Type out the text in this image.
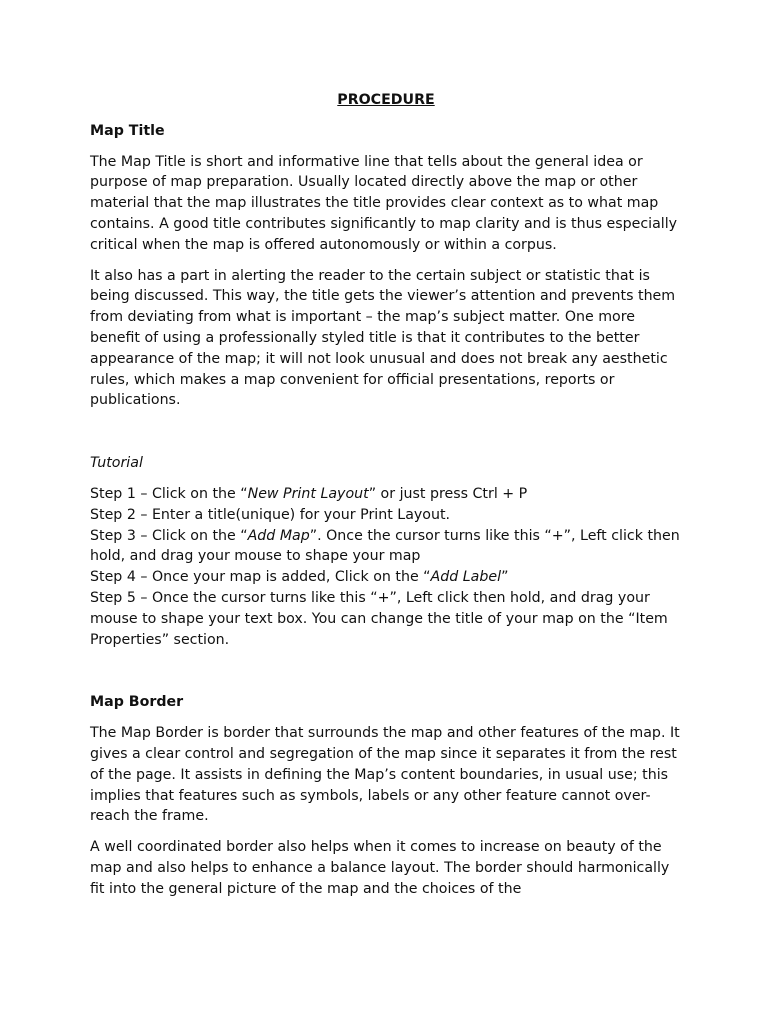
PROCEDURE
Map Title

The Map Title is short and informative line that tells about the general idea or purpose of map preparation. Usually located directly above the map or other material that the map illustrates the title provides clear context as to what map contains. A good title contributes significantly to map clarity and is thus especially critical when the map is offered autonomously or within a corpus.

It also has a part in alerting the reader to the certain subject or statistic that is being discussed. This way, the title gets the viewer’s attention and prevents them from deviating from what is important – the map’s subject matter. One more benefit of using a professionally styled title is that it contributes to the better appearance of the map; it will not look unusual and does not break any aesthetic rules, which makes a map convenient for official presentations, reports or publications.

Tutorial
Step 1 – Click on the “New Print Layout” or just press Ctrl + P
Step 2 – Enter a title(unique) for your Print Layout.
Step 3 – Click on the “Add Map”. Once the cursor turns like this “+”, Left click then hold, and drag your mouse to shape your map
Step 4 – Once your map is added, Click on the “Add Label”
Step 5 – Once the cursor turns like this “+”, Left click then hold, and drag your mouse to shape your text box. You can change the title of your map on the “Item Properties” section.
Map Border

The Map Border is border that surrounds the map and other features of the map. It gives a clear control and segregation of the map since it separates it from the rest of the page. It assists in defining the Map’s content boundaries, in usual use; this implies that features such as symbols, labels or any other feature cannot over-reach the frame.

A well coordinated border also helps when it comes to increase on beauty of the map and also helps to enhance a balance layout. The border should harmonically fit into the general picture of the map and the choices of the
